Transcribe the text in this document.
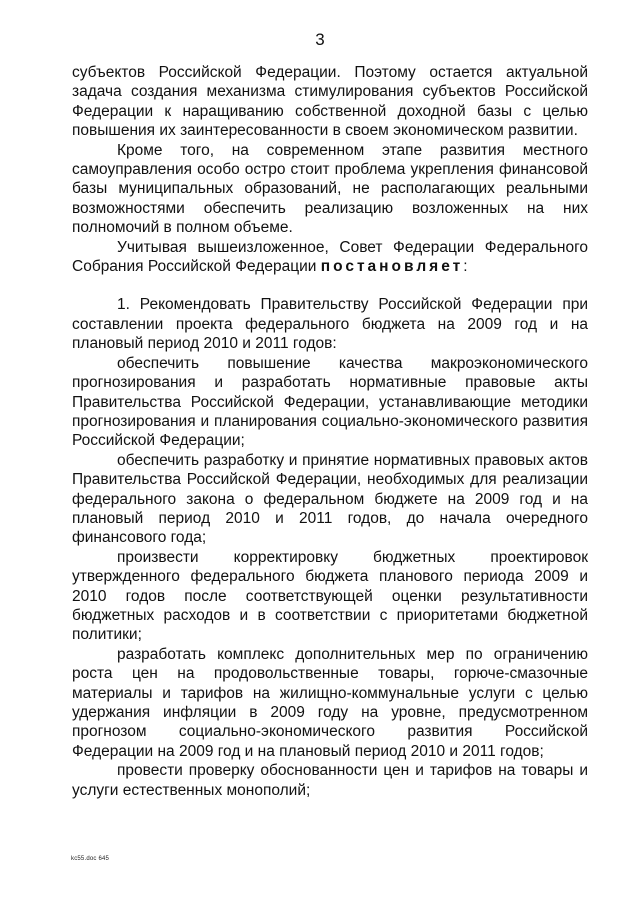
3

субъектов Российской Федерации. Поэтому остается актуальной задача создания механизма стимулирования субъектов Российской Федерации к наращиванию собственной доходной базы с целью повышения их заинтересованности в своем экономическом развитии.

Кроме того, на современном этапе развития местного самоуправления особо остро стоит проблема укрепления финансовой базы муниципальных образований, не располагающих реальными возможностями обеспечить реализацию возложенных на них полномочий в полном объеме.

Учитывая вышеизложенное, Совет Федерации Федерального Собрания Российской Федерации постановляет:

1. Рекомендовать Правительству Российской Федерации при составлении проекта федерального бюджета на 2009 год и на плановый период 2010 и 2011 годов:

обеспечить повышение качества макроэкономического прогнозирования и разработать нормативные правовые акты Правительства Российской Федерации, устанавливающие методики прогнозирования и планирования социально-экономического развития Российской Федерации;

обеспечить разработку и принятие нормативных правовых актов Правительства Российской Федерации, необходимых для реализации федерального закона о федеральном бюджете на 2009 год и на плановый период 2010 и 2011 годов, до начала очередного финансового года;

произвести корректировку бюджетных проектировок утвержденного федерального бюджета планового периода 2009 и 2010 годов после соответствующей оценки результативности бюджетных расходов и в соответствии с приоритетами бюджетной политики;

разработать комплекс дополнительных мер по ограничению роста цен на продовольственные товары, горюче-смазочные материалы и тарифов на жилищно-коммунальные услуги с целью удержания инфляции в 2009 году на уровне, предусмотренном прогнозом социально-экономического развития Российской Федерации на 2009 год и на плановый период 2010 и 2011 годов;

провести проверку обоснованности цен и тарифов на товары и услуги естественных монополий;

kc55.doc 645
